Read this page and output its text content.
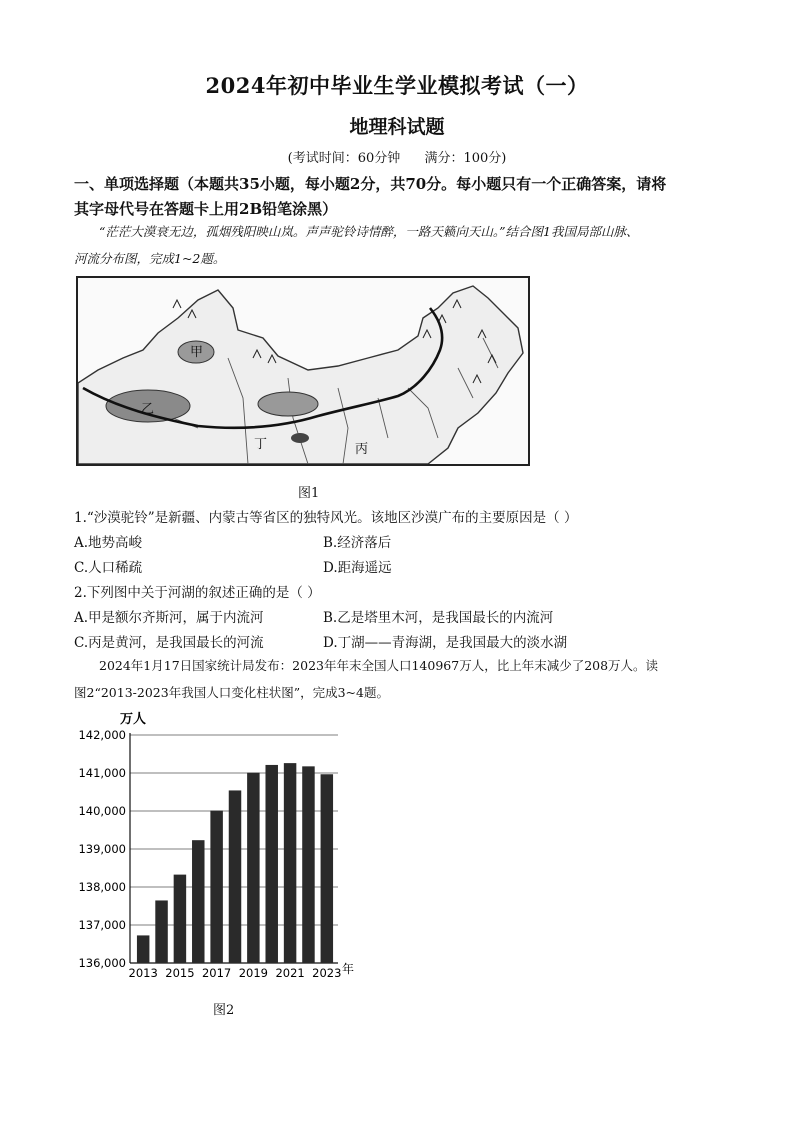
2024年初中毕业生学业模拟考试（一）
地理科试题
(考试时间：60分钟 满分：100分)
一、单项选择题（本题共35小题，每小题2分，共70分。每小题只有一个正确答案，请将
其字母代号在答题卡上用2B铅笔涂黑）
“茫茫大漠衰无边，孤烟残阳映山岚。声声驼铃诗情醉，一路天籁向天山。”结合图1我国局部山脉、
河流分布图，完成1~2题。
甲
乙
丙
丁
图1
1.“沙漠驼铃”是新疆、内蒙古等省区的独特风光。该地区沙漠广布的主要原因是（ ）
A.地势高峻	B.经济落后
C.人口稀疏	D.距海遥远
2.下列图中关于河湖的叙述正确的是（ ）
A.甲是额尔齐斯河，属于内流河	B.乙是塔里木河，是我国最长的内流河
C.丙是黄河，是我国最长的河流	D.丁湖——青海湖，是我国最大的淡水湖
2024年1月17日国家统计局发布：2023年年末全国人口140967万人，比上年末减少了208万人。读
图2“2013-2023年我国人口变化柱状图”，完成3~4题。
万人
136,000
137,000
138,000
139,000
140,000
141,000
142,000
2013 2015 2017 2019 2021 2023 年
图2
